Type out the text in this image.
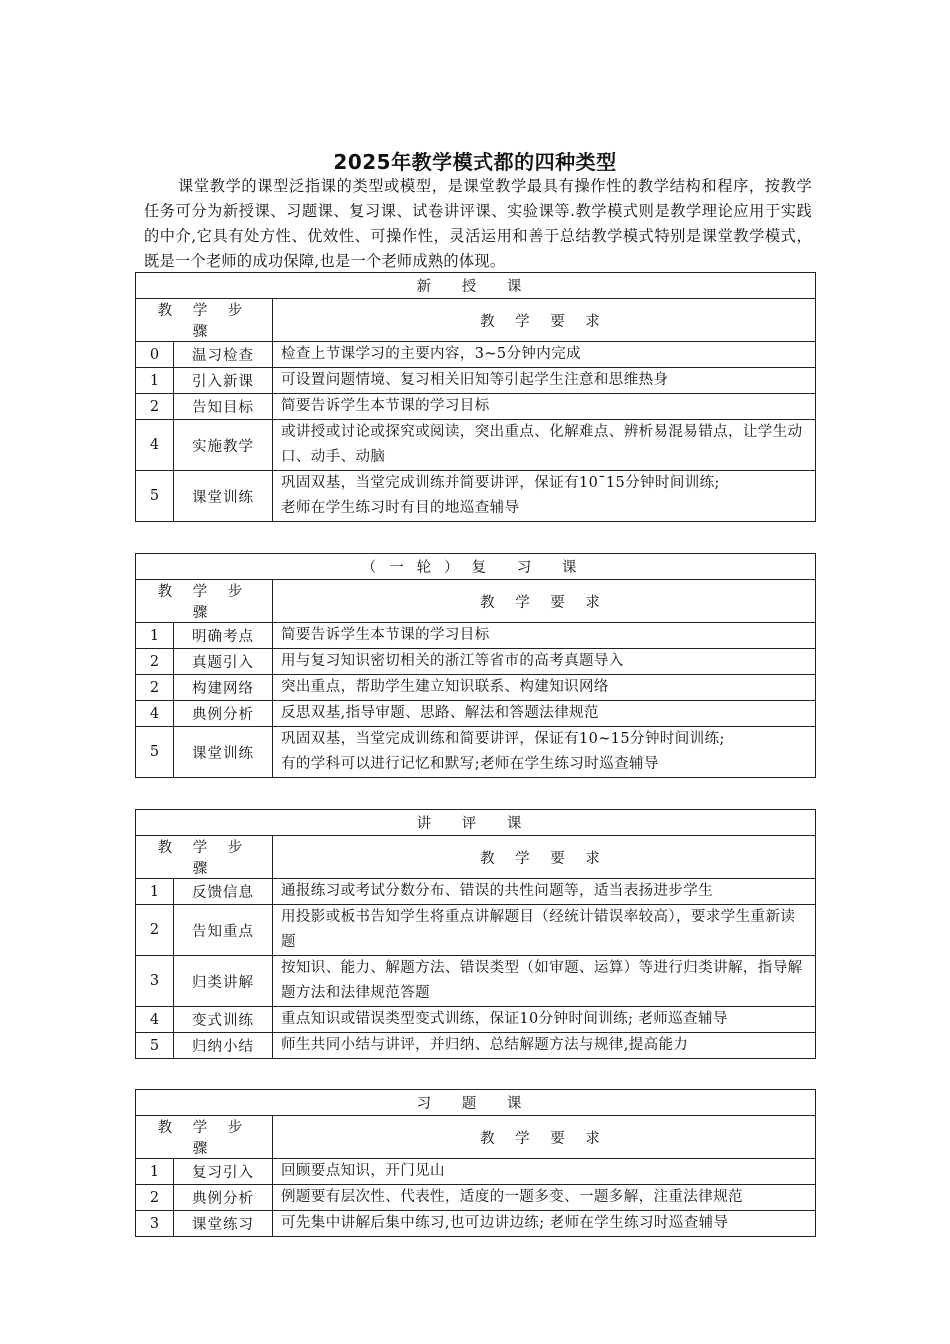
2025年教学模式都的四种类型
课堂教学的课型泛指课的类型或模型，是课堂教学最具有操作性的教学结构和程序，按教学任务可分为新授课、习题课、复习课、试卷讲评课、实验课等.教学模式则是教学理论应用于实践的中介,它具有处方性、优效性、可操作性，灵活运用和善于总结教学模式特别是课堂教学模式，既是一个老师的成功保障,也是一个老师成熟的体现。
新 授 课		
教 学 步 骤		教 学 要 求
0	温习检查	检查上节课学习的主要内容，3~5分钟内完成
1	引入新课	可设置问题情境、复习相关旧知等引起学生注意和思维热身
2	告知目标	简要告诉学生本节课的学习目标
4	实施教学	或讲授或讨论或探究或阅读，突出重点、化解难点、辨析易混易错点，让学生动口、动手、动脑
5	课堂训练	巩固双基，当堂完成训练并简要讲评，保证有10¯15分钟时间训练;
老师在学生练习时有目的地巡查辅导
（一轮）复 习 课		
教 学 步 骤		教 学 要 求
1	明确考点	简要告诉学生本节课的学习目标
2	真题引入	用与复习知识密切相关的浙江等省市的高考真题导入
2	构建网络	突出重点，帮助学生建立知识联系、构建知识网络
4	典例分析	反思双基,指导审题、思路、解法和答题法律规范
5	课堂训练	巩固双基，当堂完成训练和简要讲评，保证有10~15分钟时间训练;
有的学科可以进行记忆和默写;老师在学生练习时巡查辅导
讲 评 课		
教 学 步 骤		教 学 要 求
1	反馈信息	通报练习或考试分数分布、错误的共性问题等，适当表扬进步学生
2	告知重点	用投影或板书告知学生将重点讲解题目（经统计错误率较高），要求学生重新读题
3	归类讲解	按知识、能力、解题方法、错误类型（如审题、运算）等进行归类讲解，指导解题方法和法律规范答题
4	变式训练	重点知识或错误类型变式训练，保证10分钟时间训练; 老师巡查辅导
5	归纳小结	师生共同小结与讲评，并归纳、总结解题方法与规律,提高能力
习 题 课		
教 学 步 骤		教 学 要 求
1	复习引入	回顾要点知识，开门见山
2	典例分析	例题要有层次性、代表性，适度的一题多变、一题多解，注重法律规范
3	课堂练习	可先集中讲解后集中练习,也可边讲边练; 老师在学生练习时巡查辅导
